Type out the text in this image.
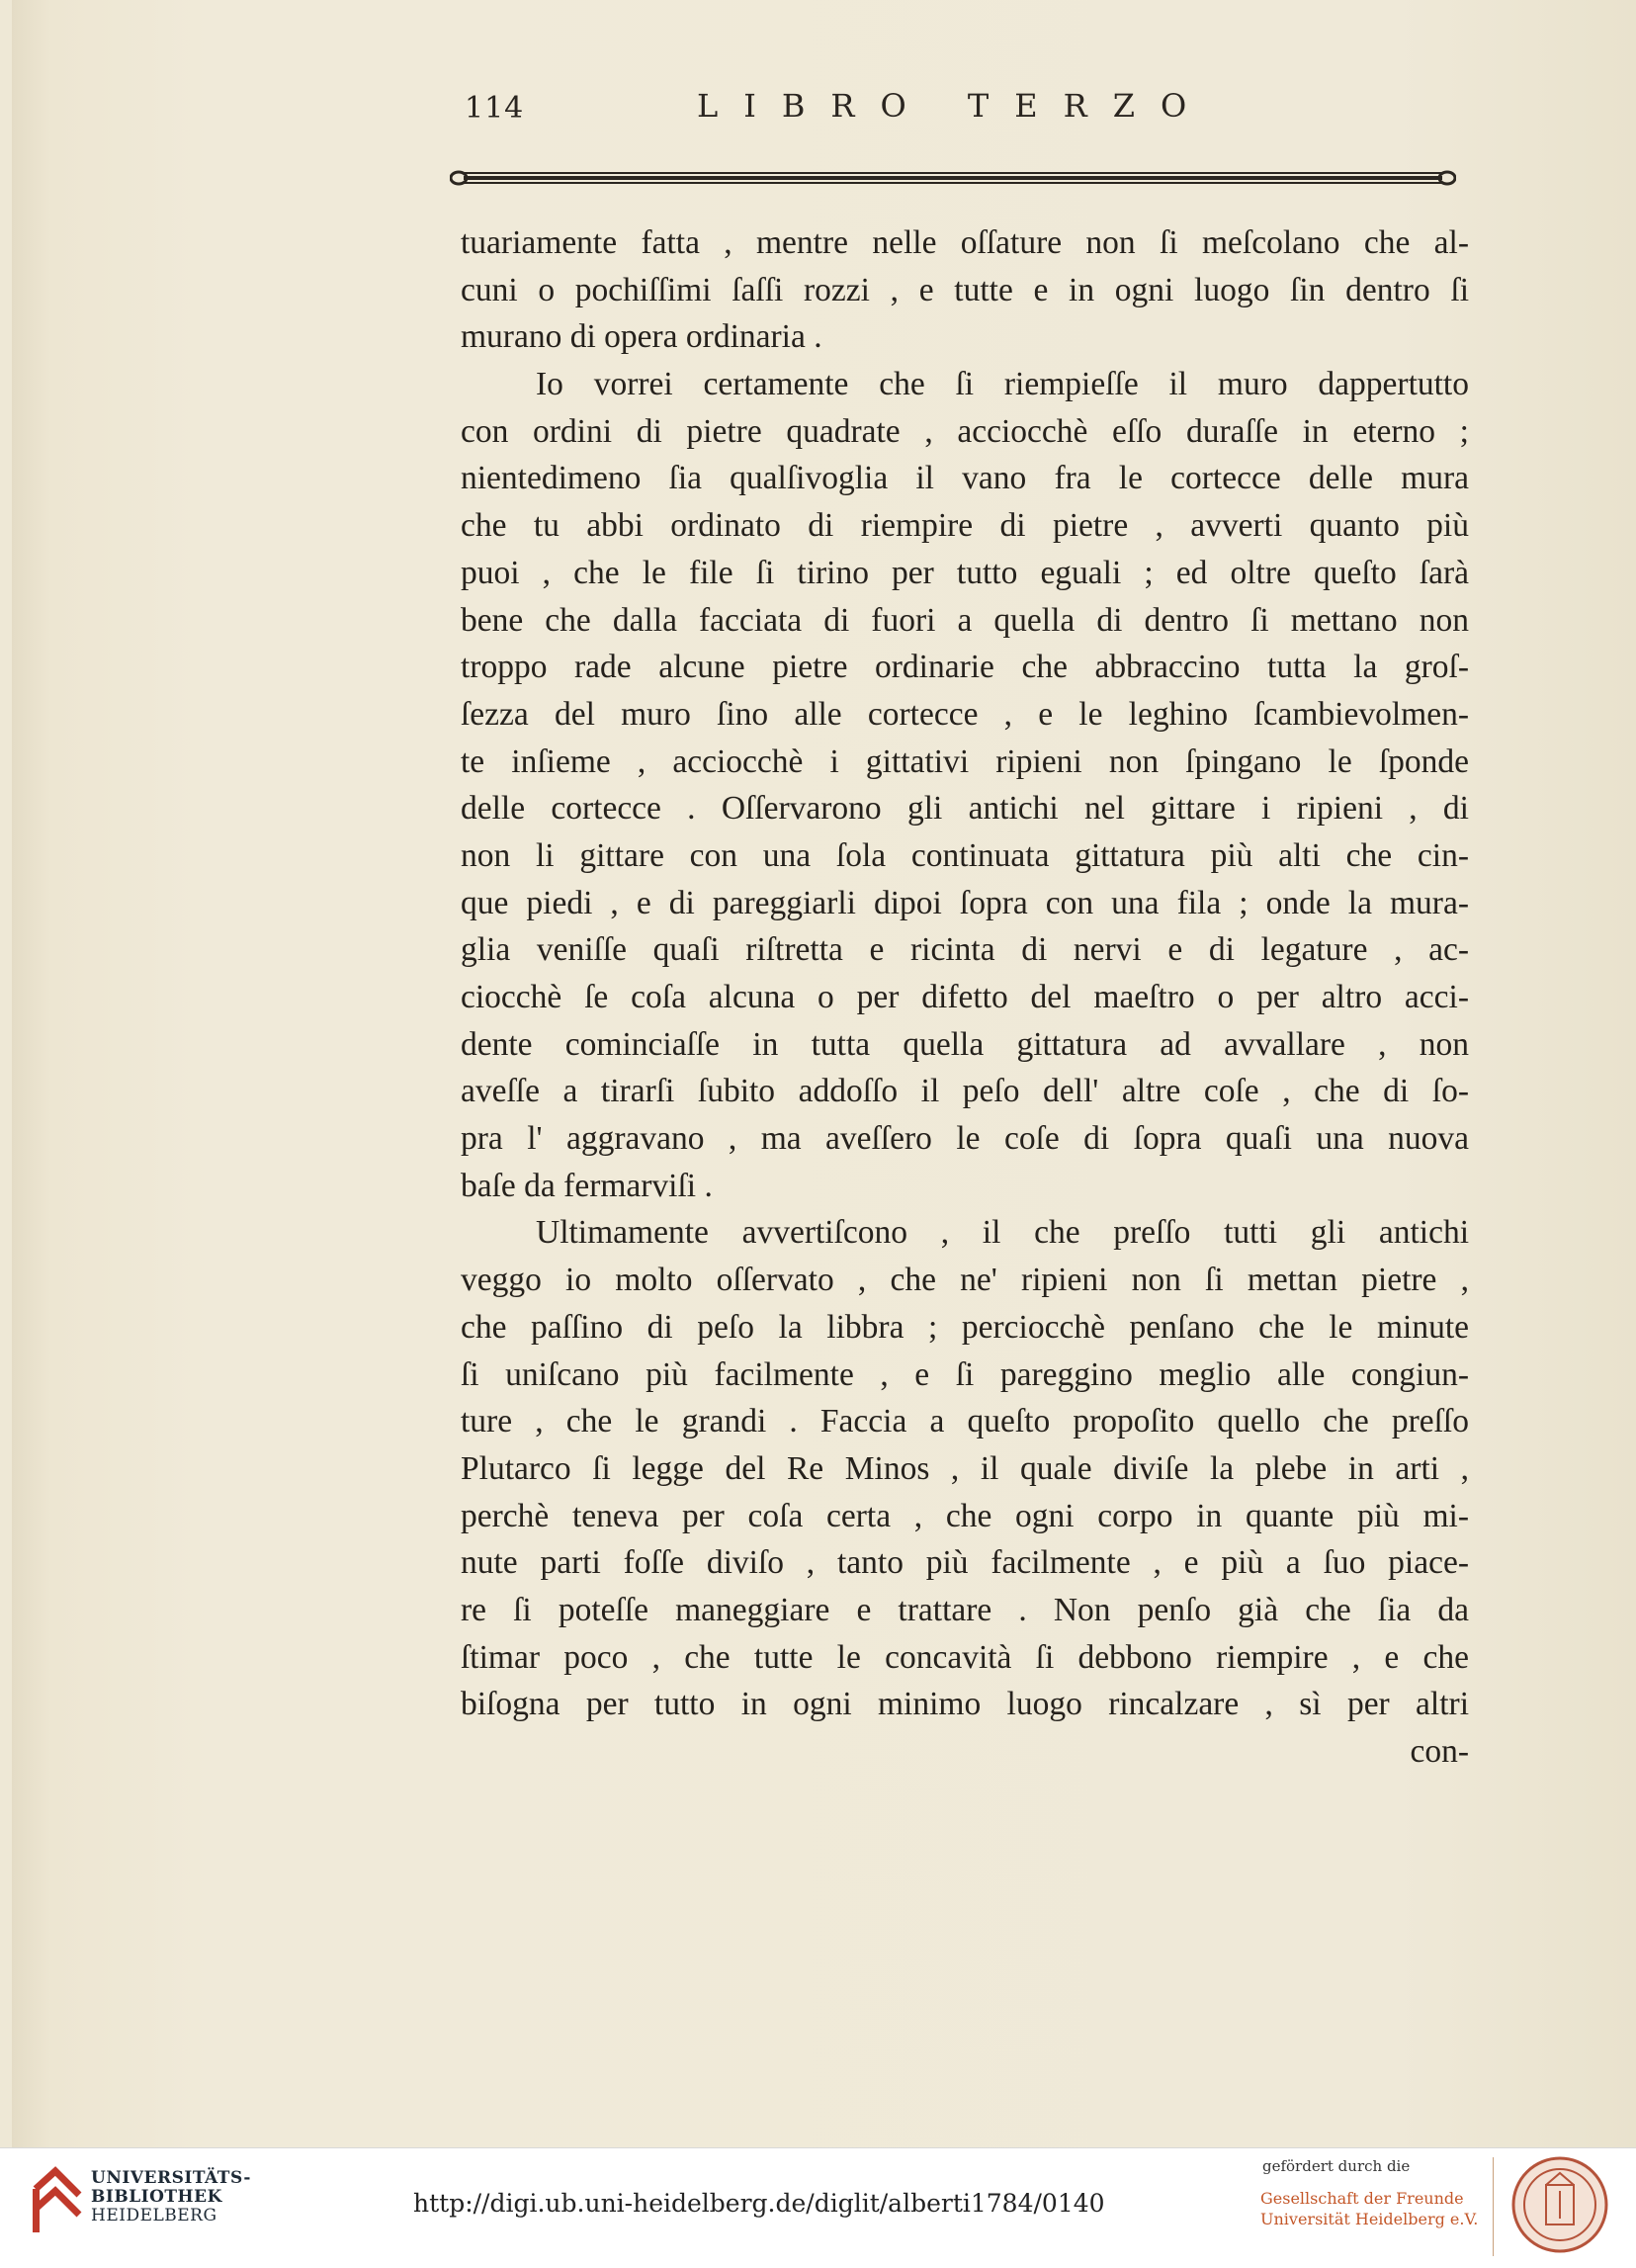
114	LIBRO TERZO
tuariamente fatta , mentre nelle oſſature non ſi meſcolano che al-
cuni o pochiſſimi ſaſſi rozzi , e tutte e in ogni luogo ſin dentro ſi
murano di opera ordinaria .
Io vorrei certamente che ſi riempieſſe il muro dappertutto
con ordini di pietre quadrate , acciocchè eſſo duraſſe in eterno ;
nientedimeno ſia qualſivoglia il vano fra le cortecce delle mura
che tu abbi ordinato di riempire di pietre , avverti quanto più
puoi , che le file ſi tirino per tutto eguali ; ed oltre queſto ſarà
bene che dalla facciata di fuori a quella di dentro ſi mettano non
troppo rade alcune pietre ordinarie che abbraccino tutta la groſ-
ſezza del muro ſino alle cortecce , e le leghino ſcambievolmen-
te inſieme , acciocchè i gittativi ripieni non ſpingano le ſponde
delle cortecce . Oſſervarono gli antichi nel gittare i ripieni , di
non li gittare con una ſola continuata gittatura più alti che cin-
que piedi , e di pareggiarli dipoi ſopra con una fila ; onde la mura-
glia veniſſe quaſi riſtretta e ricinta di nervi e di legature , ac-
ciocchè ſe coſa alcuna o per difetto del maeſtro o per altro acci-
dente cominciaſſe in tutta quella gittatura ad avvallare , non
aveſſe a tirarſi ſubito addoſſo il peſo dell' altre coſe , che di ſo-
pra l' aggravano , ma aveſſero le coſe di ſopra quaſi una nuova
baſe da fermarviſi .
Ultimamente avvertiſcono , il che preſſo tutti gli antichi
veggo io molto oſſervato , che ne' ripieni non ſi mettan pietre ,
che paſſino di peſo la libbra ; perciocchè penſano che le minute
ſi uniſcano più facilmente , e ſi pareggino meglio alle congiun-
ture , che le grandi . Faccia a queſto propoſito quello che preſſo
Plutarco ſi legge del Re Minos , il quale diviſe la plebe in arti ,
perchè teneva per coſa certa , che ogni corpo in quante più mi-
nute parti foſſe diviſo , tanto più facilmente , e più a ſuo piace-
re ſi poteſſe maneggiare e trattare . Non penſo già che ſia da
ſtimar poco , che tutte le concavità ſi debbono riempire , e che
biſogna per tutto in ogni minimo luogo rincalzare , sì per altri
con-
UNIVERSITÄTS-
BIBLIOTHEK
HEIDELBERG	http://digi.ub.uni-heidelberg.de/diglit/alberti1784/0140
gefördert durch die
Gesellschaft der Freunde
Universität Heidelberg e.V.
